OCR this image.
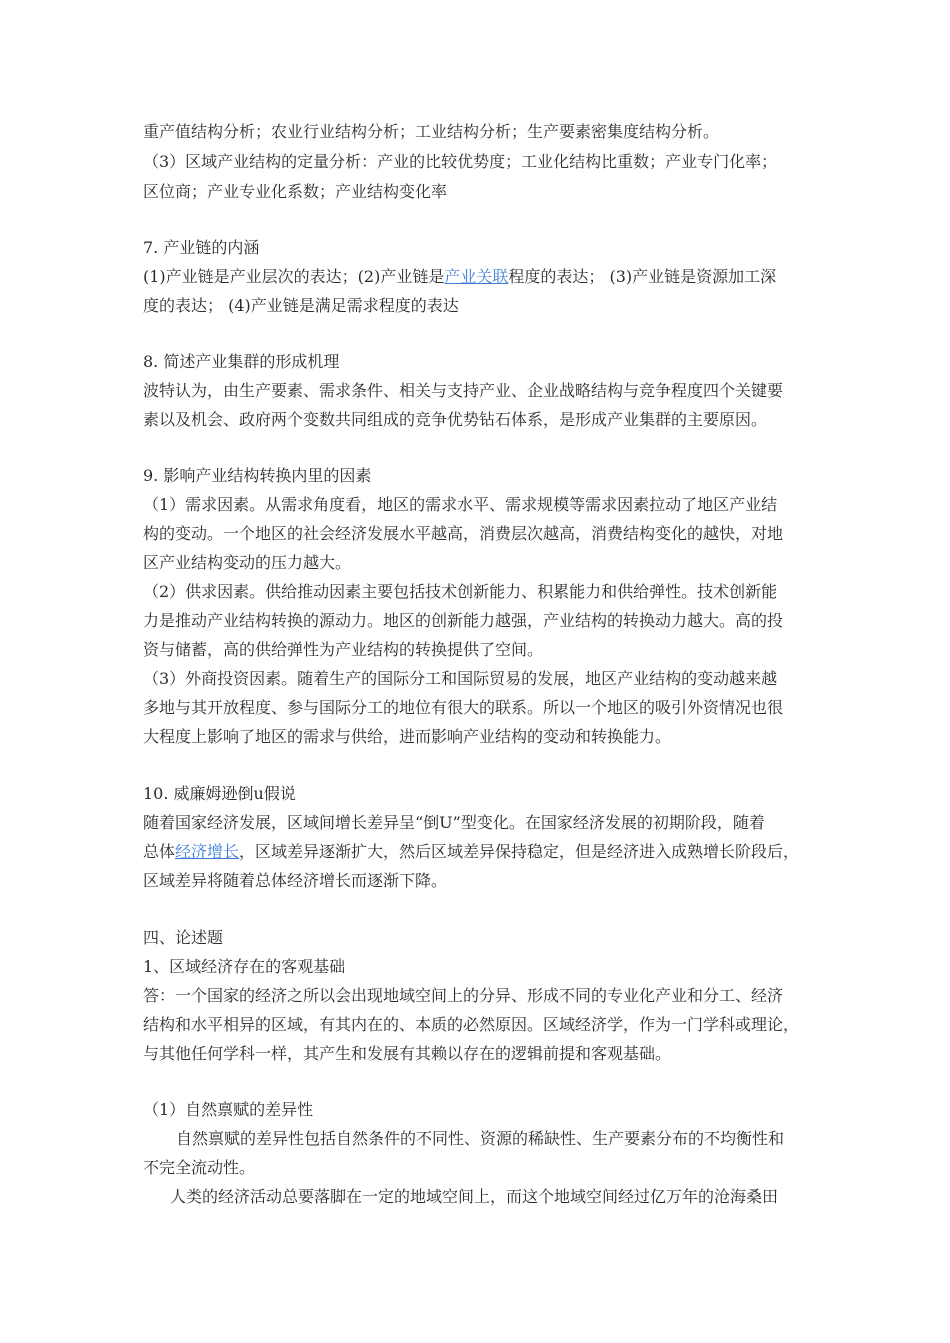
重产值结构分析；农业行业结构分析；工业结构分析；生产要素密集度结构分析。
（3）区域产业结构的定量分析：产业的比较优势度；工业化结构比重数；产业专门化率；
区位商；产业专业化系数；产业结构变化率
7. 产业链的内涵
(1)产业链是产业层次的表达；(2)产业链是产业关联程度的表达； (3)产业链是资源加工深
度的表达； (4)产业链是满足需求程度的表达
8. 简述产业集群的形成机理
波特认为，由生产要素、需求条件、相关与支持产业、企业战略结构与竞争程度四个关键要
素以及机会、政府两个变数共同组成的竞争优势钻石体系，是形成产业集群的主要原因。
9. 影响产业结构转换内里的因素
（1）需求因素。从需求角度看，地区的需求水平、需求规模等需求因素拉动了地区产业结
构的变动。一个地区的社会经济发展水平越高，消费层次越高，消费结构变化的越快，对地
区产业结构变动的压力越大。
（2）供求因素。供给推动因素主要包括技术创新能力、积累能力和供给弹性。技术创新能
力是推动产业结构转换的源动力。地区的创新能力越强，产业结构的转换动力越大。高的投
资与储蓄，高的供给弹性为产业结构的转换提供了空间。
（3）外商投资因素。随着生产的国际分工和国际贸易的发展，地区产业结构的变动越来越
多地与其开放程度、参与国际分工的地位有很大的联系。所以一个地区的吸引外资情况也很
大程度上影响了地区的需求与供给，进而影响产业结构的变动和转换能力。
10. 威廉姆逊倒u假说
随着国家经济发展，区域间增长差异呈“倒U”型变化。在国家经济发展的初期阶段，随着
总体经济增长，区域差异逐渐扩大，然后区域差异保持稳定，但是经济进入成熟增长阶段后，
区域差异将随着总体经济增长而逐渐下降。
四、论述题
1、区域经济存在的客观基础
答：一个国家的经济之所以会出现地域空间上的分异、形成不同的专业化产业和分工、经济
结构和水平相异的区域，有其内在的、本质的必然原因。区域经济学，作为一门学科或理论，
与其他任何学科一样，其产生和发展有其赖以存在的逻辑前提和客观基础。
（1）自然禀赋的差异性
自然禀赋的差异性包括自然条件的不同性、资源的稀缺性、生产要素分布的不均衡性和
不完全流动性。
人类的经济活动总要落脚在一定的地域空间上，而这个地域空间经过亿万年的沧海桑田
